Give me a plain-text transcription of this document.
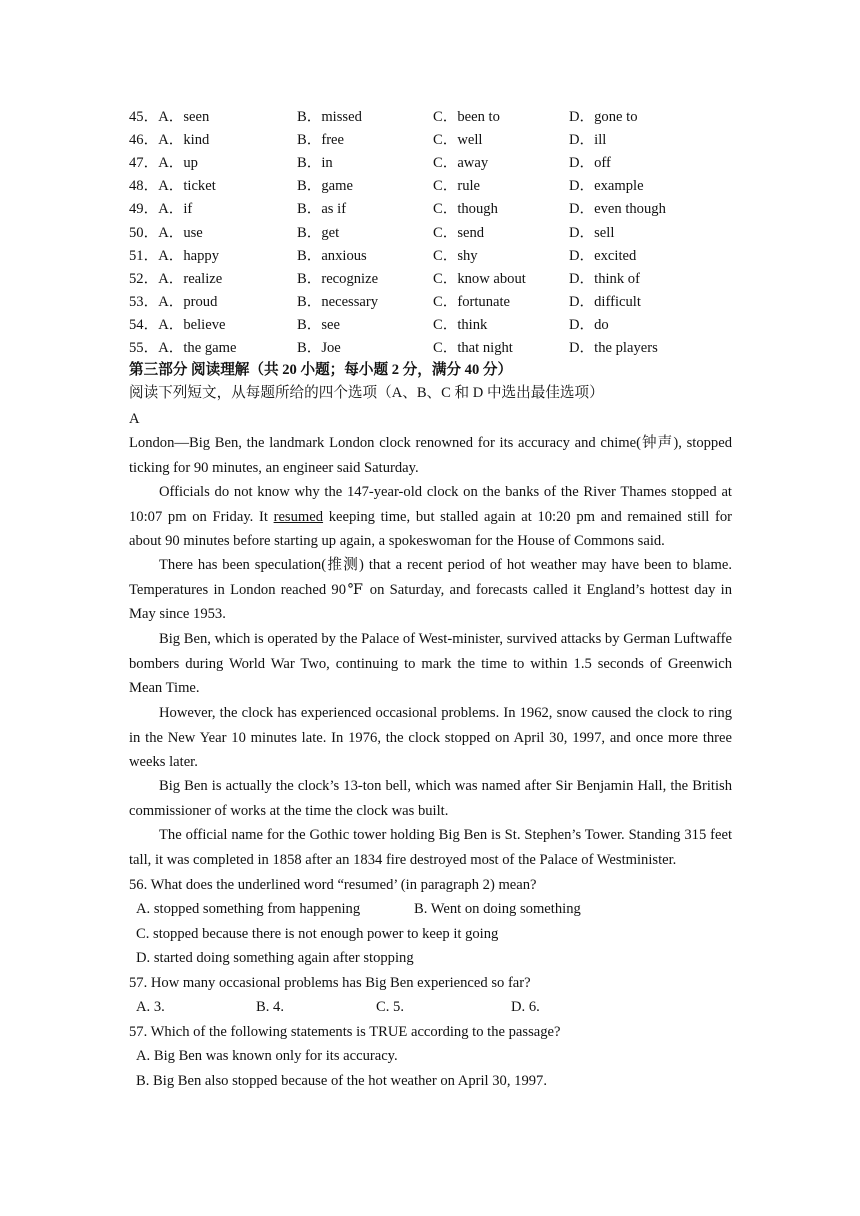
45．A．seen	B．missed	C．been to	D．gone to
46．A．kind	B．free	C．well	D．ill
47．A．up	B．in	C．away	D．off
48．A．ticket	B．game	C．rule	D．example
49．A．if	B．as if	C．though	D．even though
50．A．use	B．get	C．send	D．sell
51．A．happy	B．anxious	C．shy	D．excited
52．A．realize	B．recognize	C．know about	D．think of
53．A．proud	B．necessary	C．fortunate	D．difficult
54．A．believe	B．see	C．think	D．do
55．A．the game	B．Joe	C．that night	D．the players
第三部分 阅读理解（共 20 小题；每小题 2 分，满分 40 分）
阅读下列短文，从每题所给的四个选项（A、B、C 和 D 中选出最佳选项）
A

London—Big Ben, the landmark London clock renowned for its accuracy and chime(钟声), stopped ticking for 90 minutes, an engineer said Saturday.

Officials do not know why the 147-year-old clock on the banks of the River Thames stopped at 10:07 pm on Friday. It resumed keeping time, but stalled again at 10:20 pm and remained still for about 90 minutes before starting up again, a spokeswoman for the House of Commons said.

There has been speculation(推测) that a recent period of hot weather may have been to blame. Temperatures in London reached 90℉ on Saturday, and forecasts called it England’s hottest day in May since 1953.

Big Ben, which is operated by the Palace of West-minister, survived attacks by German Luftwaffe bombers during World War Two, continuing to mark the time to within 1.5 seconds of Greenwich Mean Time.

However, the clock has experienced occasional problems. In 1962, snow caused the clock to ring in the New Year 10 minutes late. In 1976, the clock stopped on April 30, 1997, and once more three weeks later.

Big Ben is actually the clock’s 13-ton bell, which was named after Sir Benjamin Hall, the British commissioner of works at the time the clock was built.

The official name for the Gothic tower holding Big Ben is St. Stephen’s Tower. Standing 315 feet tall, it was completed in 1858 after an 1834 fire destroyed most of the Palace of Westminister.

56. What does the underlined word “resumed’ (in paragraph 2) mean?
A. stopped something from happening	B. Went on doing something
C. stopped because there is not enough power to keep it going
D. started doing something again after stopping
57. How many occasional problems has Big Ben experienced so far?
A. 3.	B. 4.	C. 5.	D. 6.
57. Which of the following statements is TRUE according to the passage?
A. Big Ben was known only for its accuracy.
B. Big Ben also stopped because of the hot weather on April 30, 1997.
